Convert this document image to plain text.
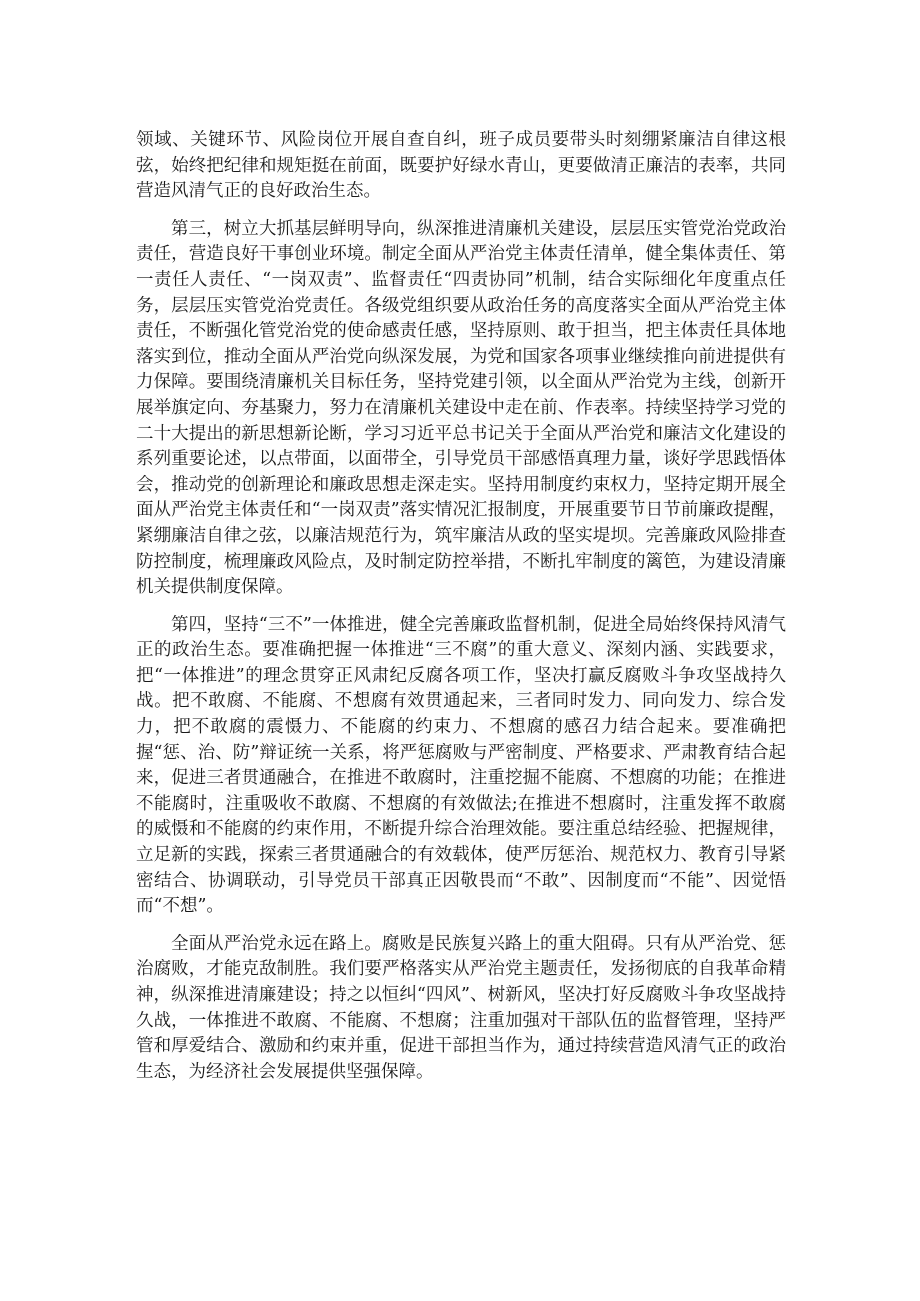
领域、关键环节、风险岗位开展自查自纠，班子成员要带头时刻绷紧廉洁自律这根弦，始终把纪律和规矩挺在前面，既要护好绿水青山，更要做清正廉洁的表率，共同营造风清气正的良好政治生态。

第三，树立大抓基层鲜明导向，纵深推进清廉机关建设，层层压实管党治党政治责任，营造良好干事创业环境。制定全面从严治党主体责任清单，健全集体责任、第一责任人责任、“一岗双责”、监督责任“四责协同”机制，结合实际细化年度重点任务，层层压实管党治党责任。各级党组织要从政治任务的高度落实全面从严治党主体责任，不断强化管党治党的使命感责任感，坚持原则、敢于担当，把主体责任具体地落实到位，推动全面从严治党向纵深发展，为党和国家各项事业继续推向前进提供有力保障。要围绕清廉机关目标任务，坚持党建引领，以全面从严治党为主线，创新开展举旗定向、夯基聚力，努力在清廉机关建设中走在前、作表率。持续坚持学习党的二十大提出的新思想新论断，学习习近平总书记关于全面从严治党和廉洁文化建设的系列重要论述，以点带面，以面带全，引导党员干部感悟真理力量，谈好学思践悟体会，推动党的创新理论和廉政思想走深走实。坚持用制度约束权力，坚持定期开展全面从严治党主体责任和“一岗双责”落实情况汇报制度，开展重要节日节前廉政提醒，紧绷廉洁自律之弦，以廉洁规范行为，筑牢廉洁从政的坚实堤坝。完善廉政风险排查防控制度，梳理廉政风险点，及时制定防控举措，不断扎牢制度的篱笆，为建设清廉机关提供制度保障。

第四，坚持“三不”一体推进，健全完善廉政监督机制，促进全局始终保持风清气正的政治生态。要准确把握一体推进“三不腐”的重大意义、深刻内涵、实践要求，把“一体推进”的理念贯穿正风肃纪反腐各项工作，坚决打赢反腐败斗争攻坚战持久战。把不敢腐、不能腐、不想腐有效贯通起来，三者同时发力、同向发力、综合发力，把不敢腐的震慑力、不能腐的约束力、不想腐的感召力结合起来。要准确把握“惩、治、防”辩证统一关系，将严惩腐败与严密制度、严格要求、严肃教育结合起来，促进三者贯通融合，在推进不敢腐时，注重挖掘不能腐、不想腐的功能；在推进不能腐时，注重吸收不敢腐、不想腐的有效做法;在推进不想腐时，注重发挥不敢腐的威慑和不能腐的约束作用，不断提升综合治理效能。要注重总结经验、把握规律，立足新的实践，探索三者贯通融合的有效载体，使严厉惩治、规范权力、教育引导紧密结合、协调联动，引导党员干部真正因敬畏而“不敢”、因制度而“不能”、因觉悟而“不想”。

全面从严治党永远在路上。腐败是民族复兴路上的重大阻碍。只有从严治党、惩治腐败，才能克敌制胜。我们要严格落实从严治党主题责任，发扬彻底的自我革命精神，纵深推进清廉建设；持之以恒纠“四风”、树新风，坚决打好反腐败斗争攻坚战持久战，一体推进不敢腐、不能腐、不想腐；注重加强对干部队伍的监督管理，坚持严管和厚爱结合、激励和约束并重，促进干部担当作为，通过持续营造风清气正的政治生态，为经济社会发展提供坚强保障。
